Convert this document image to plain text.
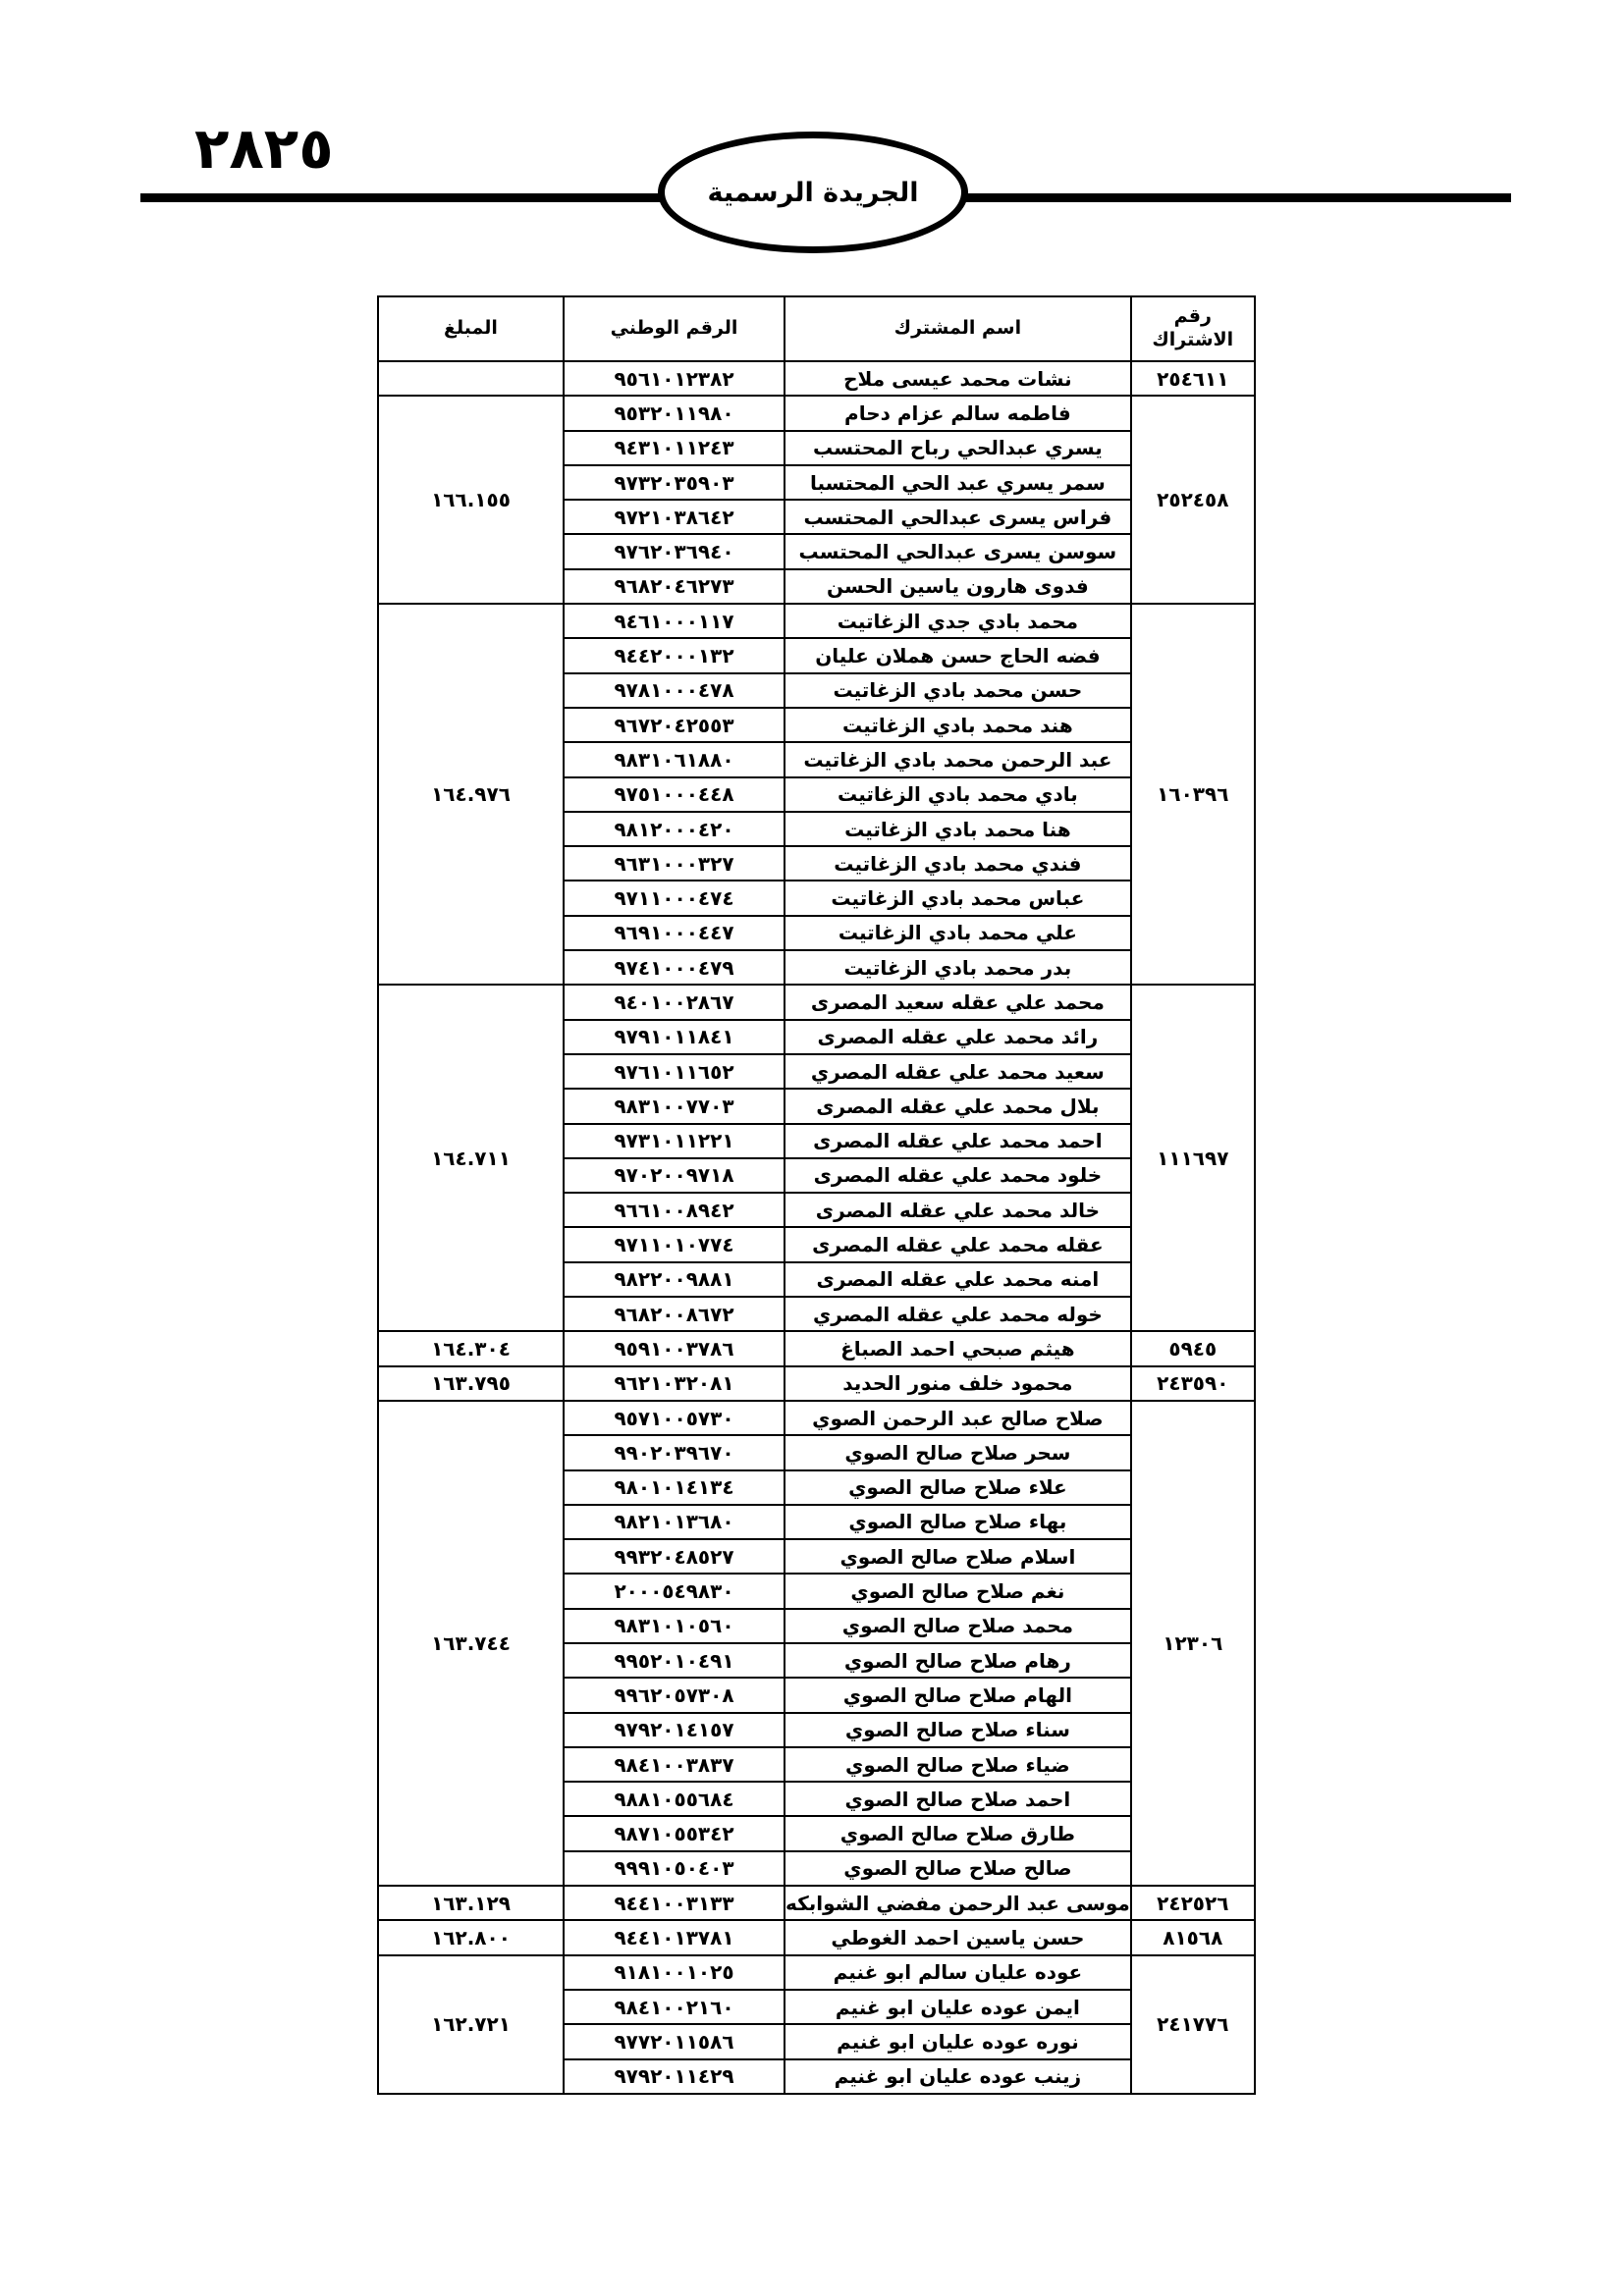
٢٨٢٥
الجريدة الرسمية
رقم الاشتراك	اسم المشترك	الرقم الوطني	المبلغ
٢٥٤٦١١	نشات محمد عيسى ملاح	٩٥٦١٠١٢٣٨٢	
٢٥٢٤٥٨	فاطمه سالم عزام دحام	٩٥٣٢٠١١٩٨٠	١٦٦.١٥٥
	يسري عبدالحي رباح المحتسب	٩٤٣١٠١١٢٤٣	
	سمر يسري عبد الحي المحتسبا	٩٧٣٢٠٣٥٩٠٣	
	فراس يسرى عبدالحي المحتسب	٩٧٢١٠٣٨٦٤٢	
	سوسن يسرى عبدالحي المحتسب	٩٧٦٢٠٣٦٩٤٠	
	فدوى هارون ياسين الحسن	٩٦٨٢٠٤٦٢٧٣	
١٦٠٣٩٦	محمد بادي جدي الزغاتيت	٩٤٦١٠٠٠١١٧	١٦٤.٩٧٦
	فضه الحاج حسن هملان عليان	٩٤٤٢٠٠٠١٣٢	
	حسن محمد بادي الزغاتيت	٩٧٨١٠٠٠٤٧٨	
	هند محمد بادي الزغاتيت	٩٦٧٢٠٤٢٥٥٣	
	عبد الرحمن محمد بادي الزغاتيت	٩٨٣١٠٦١٨٨٠	
	بادي محمد بادي الزغاتيت	٩٧٥١٠٠٠٤٤٨	
	هنا محمد بادي الزغاتيت	٩٨١٢٠٠٠٤٢٠	
	فندي محمد بادي الزغاتيت	٩٦٣١٠٠٠٣٢٧	
	عباس محمد بادي الزغاتيت	٩٧١١٠٠٠٤٧٤	
	علي محمد بادي الزغاتيت	٩٦٩١٠٠٠٤٤٧	
	بدر محمد بادي الزغاتيت	٩٧٤١٠٠٠٤٧٩	
١١١٦٩٧	محمد علي عقله سعيد المصرى	٩٤٠١٠٠٢٨٦٧	١٦٤.٧١١
	رائد محمد علي عقله المصرى	٩٧٩١٠١١٨٤١	
	سعيد محمد علي عقله المصري	٩٧٦١٠١١٦٥٢	
	بلال محمد علي عقله المصرى	٩٨٣١٠٠٧٧٠٣	
	احمد محمد علي عقله المصرى	٩٧٣١٠١١٢٢١	
	خلود محمد علي عقله المصرى	٩٧٠٢٠٠٩٧١٨	
	خالد محمد علي عقله المصرى	٩٦٦١٠٠٨٩٤٢	
	عقله محمد علي عقله المصرى	٩٧١١٠١٠٧٧٤	
	امنه محمد علي عقله المصرى	٩٨٢٢٠٠٩٨٨١	
	خوله محمد علي عقله المصري	٩٦٨٢٠٠٨٦٧٢	
٥٩٤٥	هيثم صبحي احمد الصباغ	٩٥٩١٠٠٣٧٨٦	١٦٤.٣٠٤
٢٤٣٥٩٠	محمود خلف منور الحديد	٩٦٢١٠٣٢٠٨١	١٦٣.٧٩٥
١٢٣٠٦	صلاح صالح عبد الرحمن الصوي	٩٥٧١٠٠٥٧٣٠	١٦٣.٧٤٤
	سحر صلاح صالح الصوي	٩٩٠٢٠٣٩٦٧٠	
	علاء صلاح صالح الصوي	٩٨٠١٠١٤١٣٤	
	بهاء صلاح صالح الصوي	٩٨٢١٠١٣٦٨٠	
	اسلام صلاح صالح الصوي	٩٩٣٢٠٤٨٥٢٧	
	نغم صلاح صالح الصوي	٢٠٠٠٥٤٩٨٣٠	
	محمد صلاح صالح الصوي	٩٨٣١٠١٠٥٦٠	
	رهام صلاح صالح الصوي	٩٩٥٢٠١٠٤٩١	
	الهام صلاح صالح الصوي	٩٩٦٢٠٥٧٣٠٨	
	سناء صلاح صالح الصوي	٩٧٩٢٠١٤١٥٧	
	ضياء صلاح صالح الصوي	٩٨٤١٠٠٣٨٣٧	
	احمد صلاح صالح الصوي	٩٨٨١٠٥٥٦٨٤	
	طارق صلاح صالح الصوي	٩٨٧١٠٥٥٣٤٢	
	صالح صلاح صالح الصوي	٩٩٩١٠٥٠٤٠٣	
٢٤٢٥٢٦	موسى عبد الرحمن مفضي الشوابكه	٩٤٤١٠٠٣١٣٣	١٦٣.١٢٩
٨١٥٦٨	حسن ياسين احمد الغوطي	٩٤٤١٠١٣٧٨١	١٦٢.٨٠٠
٢٤١٧٧٦	عوده عليان سالم ابو غنيم	٩١٨١٠٠١٠٢٥	١٦٢.٧٢١
	ايمن عوده عليان ابو غنيم	٩٨٤١٠٠٢١٦٠	
	نوره عوده عليان ابو غنيم	٩٧٧٢٠١١٥٨٦	
	زينب عوده عليان ابو غنيم	٩٧٩٢٠١١٤٢٩	
